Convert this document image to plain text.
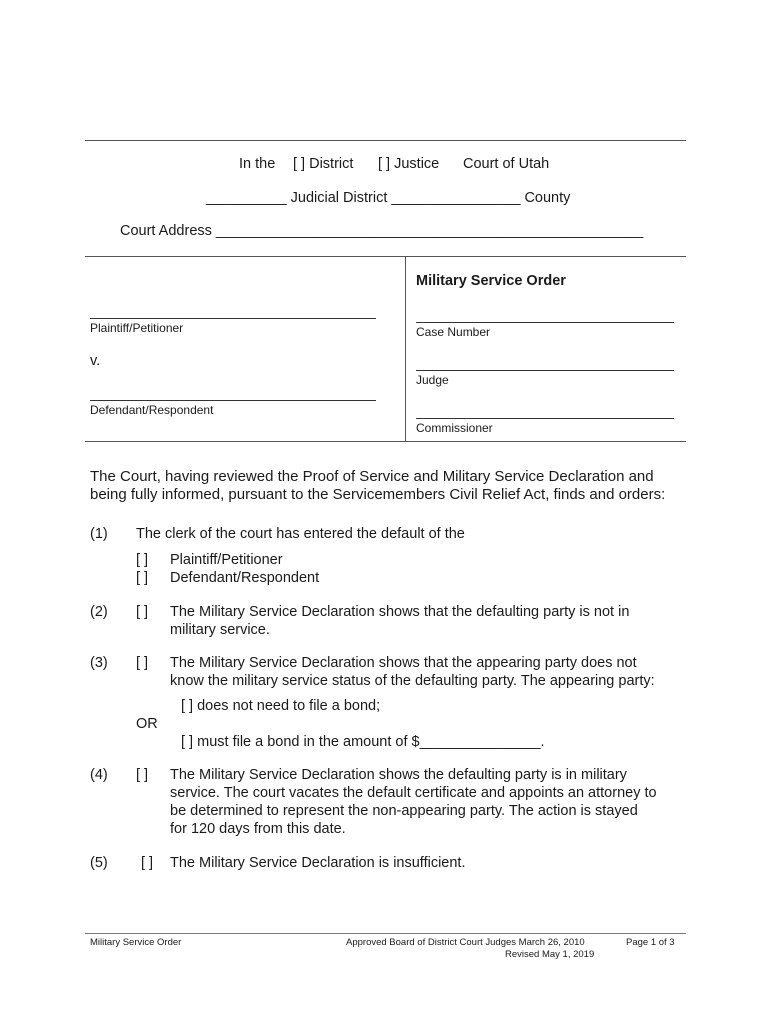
In the [ ] District [ ] Justice Court of Utah
__________ Judicial District ________________ County
Court Address _____________________________________________________
Plaintiff/Petitioner
v.
Defendant/Respondent
Military Service Order
Case Number
Judge
Commissioner
The Court, having reviewed the Proof of Service and Military Service Declaration and
being fully informed, pursuant to the Servicemembers Civil Relief Act, finds and orders:
(1) The clerk of the court has entered the default of the
[ ] Plaintiff/Petitioner
[ ] Defendant/Respondent
(2) [ ] The Military Service Declaration shows that the defaulting party is not in
military service.
(3) [ ] The Military Service Declaration shows that the appearing party does not
know the military service status of the defaulting party. The appearing party:
[ ] does not need to file a bond;
OR
[ ] must file a bond in the amount of $_______________.
(4) [ ] The Military Service Declaration shows the defaulting party is in military
service. The court vacates the default certificate and appoints an attorney to
be determined to represent the non-appearing party. The action is stayed
for 120 days from this date.
(5) [ ] The Military Service Declaration is insufficient.
Military Service Order	Approved Board of District Court Judges March 26, 2010
Revised May 1, 2019
Page 1 of 3
